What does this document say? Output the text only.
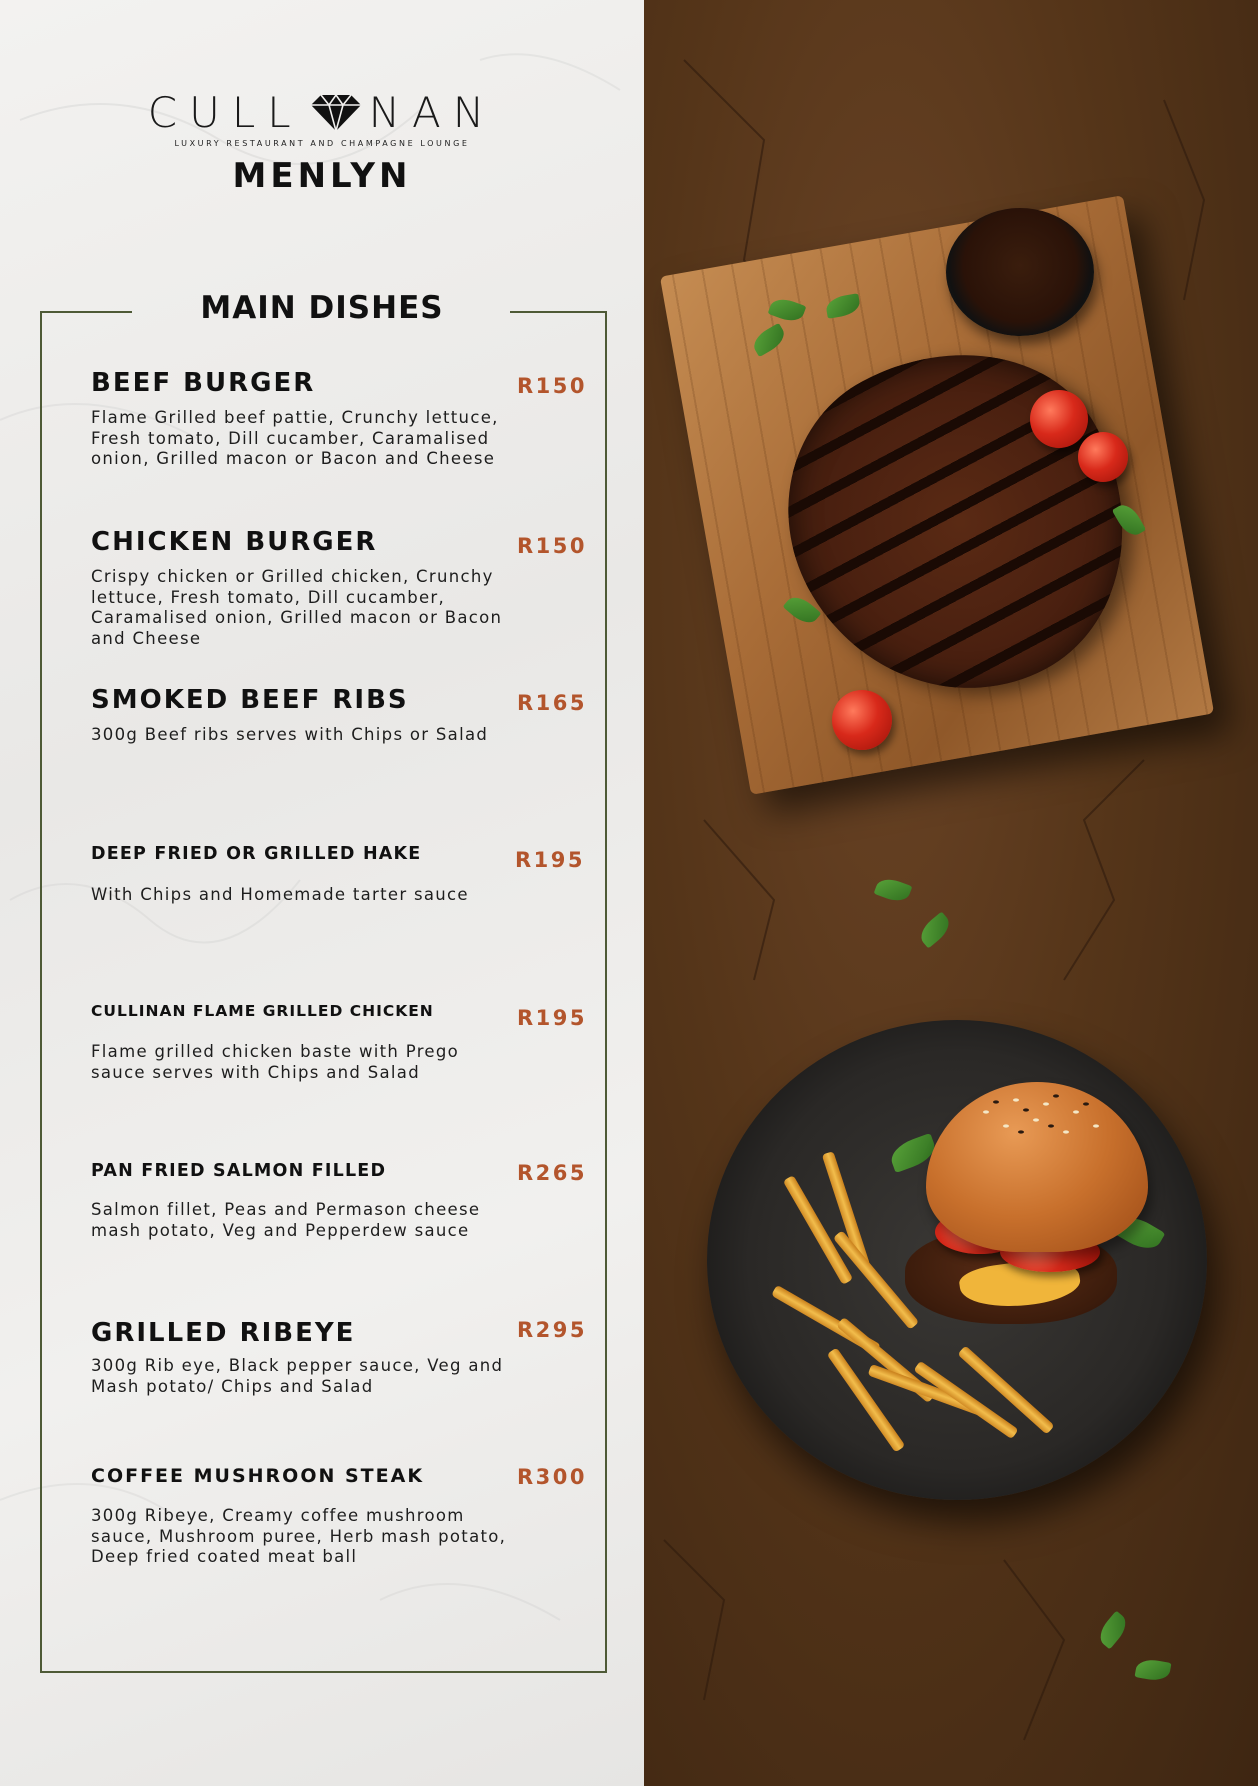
CULL NAN
LUXURY RESTAURANT AND CHAMPAGNE LOUNGE
MENLYN
MAIN DISHES
BEEF BURGER	R150
Flame Grilled beef pattie, Crunchy lettuce, Fresh tomato, Dill cucamber, Caramalised onion, Grilled macon or Bacon and Cheese
CHICKEN BURGER	R150
Crispy chicken or Grilled chicken, Crunchy lettuce, Fresh tomato, Dill cucamber, Caramalised onion, Grilled macon or Bacon and Cheese
SMOKED BEEF RIBS	R165
300g Beef ribs serves with Chips or Salad
DEEP FRIED OR GRILLED HAKE	R195
With Chips and Homemade tarter sauce
CULLINAN FLAME GRILLED CHICKEN	R195
Flame grilled chicken baste with Prego sauce serves with Chips and Salad
PAN FRIED SALMON FILLED	R265
Salmon fillet, Peas and Permason cheese mash potato, Veg and Pepperdew sauce
GRILLED RIBEYE	R295
300g Rib eye, Black pepper sauce, Veg and Mash potato/ Chips and Salad
COFFEE MUSHROON STEAK	R300
300g Ribeye, Creamy coffee mushroom sauce, Mushroom puree, Herb mash potato, Deep fried coated meat ball
